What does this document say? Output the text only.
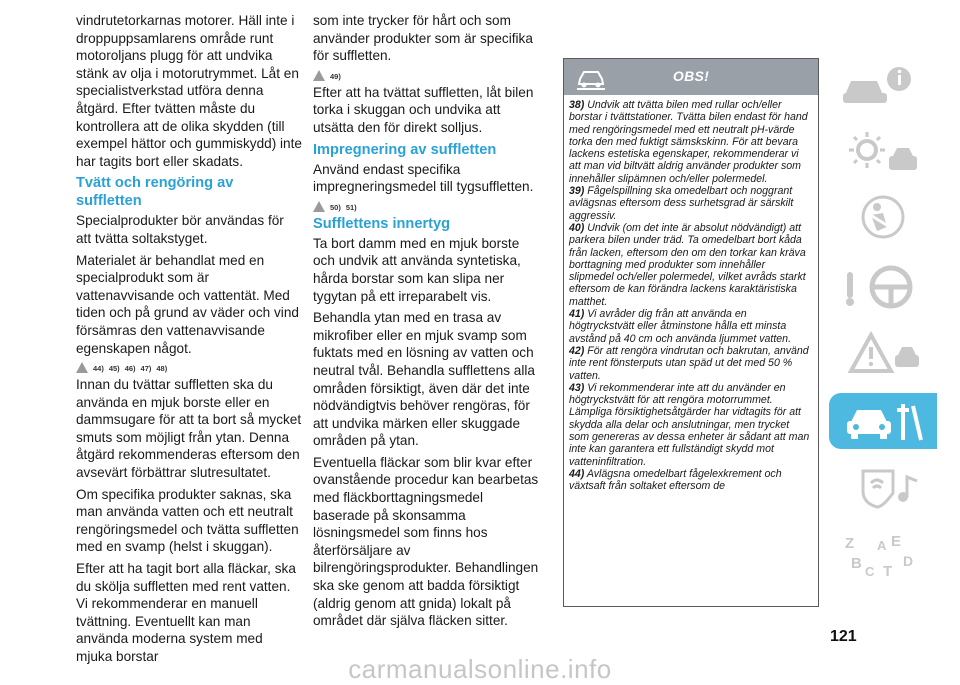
vindrutetorkarnas motorer. Häll inte i droppuppsamlarens område runt motoroljans plugg för att undvika stänk av olja i motorutrymmet. Låt en specialistverkstad utföra denna åtgärd. Efter tvätten måste du kontrollera att de olika skydden (till exempel hättor och gummiskydd) inte har tagits bort eller skadats.

Tvätt och rengöring av suffletten

Specialprodukter bör användas för att tvätta soltakstyget.

Materialet är behandlat med en specialprodukt som är vattenavvisande och vattentät. Med tiden och på grund av väder och vind försämras den vattenavvisande egenskapen något.

44) 45) 46) 47) 48)

Innan du tvättar suffletten ska du använda en mjuk borste eller en dammsugare för att ta bort så mycket smuts som möjligt från ytan. Denna åtgärd rekommenderas eftersom den avsevärt förbättrar slutresultatet.

Om specifika produkter saknas, ska man använda vatten och ett neutralt rengöringsmedel och tvätta suffletten med en svamp (helst i skuggan).

Efter att ha tagit bort alla fläckar, ska du skölja suffletten med rent vatten. Vi rekommenderar en manuell tvättning. Eventuellt kan man använda moderna system med mjuka borstar

som inte trycker för hårt och som använder produkter som är specifika för suffletten.

49)

Efter att ha tvättat suffletten, låt bilen torka i skuggan och undvika att utsätta den för direkt solljus.

Impregnering av suffletten

Använd endast specifika impregneringsmedel till tygsuffletten.

50) 51)
Sufflettens innertyg

Ta bort damm med en mjuk borste och undvik att använda syntetiska, hårda borstar som kan slipa ner tygytan på ett irreparabelt vis.

Behandla ytan med en trasa av mikrofiber eller en mjuk svamp som fuktats med en lösning av vatten och neutral tvål. Behandla sufflettens alla områden försiktigt, även där det inte nödvändigtvis behöver rengöras, för att undvika märken eller skuggade områden på ytan.

Eventuella fläckar som blir kvar efter ovanstående procedur kan bearbetas med fläckborttagningsmedel baserade på skonsamma lösningsmedel som finns hos återförsäljare av bilrengöringsprodukter. Behandlingen ska ske genom att badda försiktigt (aldrig genom att gnida) lokalt på området där själva fläcken sitter.

OBS!

38) Undvik att tvätta bilen med rullar och/eller borstar i tvättstationer. Tvätta bilen endast för hand med rengöringsmedel med ett neutralt pH-värde torka den med fuktigt sämskskinn. För att bevara lackens estetiska egenskaper, rekommenderar vi att man vid biltvätt aldrig använder produkter som innehåller slipämnen och/eller polermedel.

39) Fågelspillning ska omedelbart och noggrant avlägsnas eftersom dess surhetsgrad är särskilt aggressiv.

40) Undvik (om det inte är absolut nödvändigt) att parkera bilen under träd. Ta omedelbart bort kåda från lacken, eftersom den om den torkar kan kräva borttagning med produkter som innehåller slipmedel och/eller polermedel, vilket avråds starkt eftersom de kan förändra lackens karaktäristiska matthet.

41) Vi avråder dig från att använda en högtryckstvätt eller åtminstone hålla ett minsta avstånd på 40 cm och använda ljummet vatten.

42) För att rengöra vindrutan och bakrutan, använd inte rent fönsterputs utan späd ut det med 50 % vatten.

43) Vi rekommenderar inte att du använder en högtryckstvätt för att rengöra motorrummet. Lämpliga försiktighetsåtgärder har vidtagits för att skydda alla delar och anslutningar, men trycket som genereras av dessa enheter är sådant att man inte kan garantera ett fullständigt skydd mot vatteninfiltration.

44) Avlägsna omedelbart fågelexkrement och växtsaft från soltaket eftersom de

Z E
A
B C T
D
121
carmanualsonline.info
